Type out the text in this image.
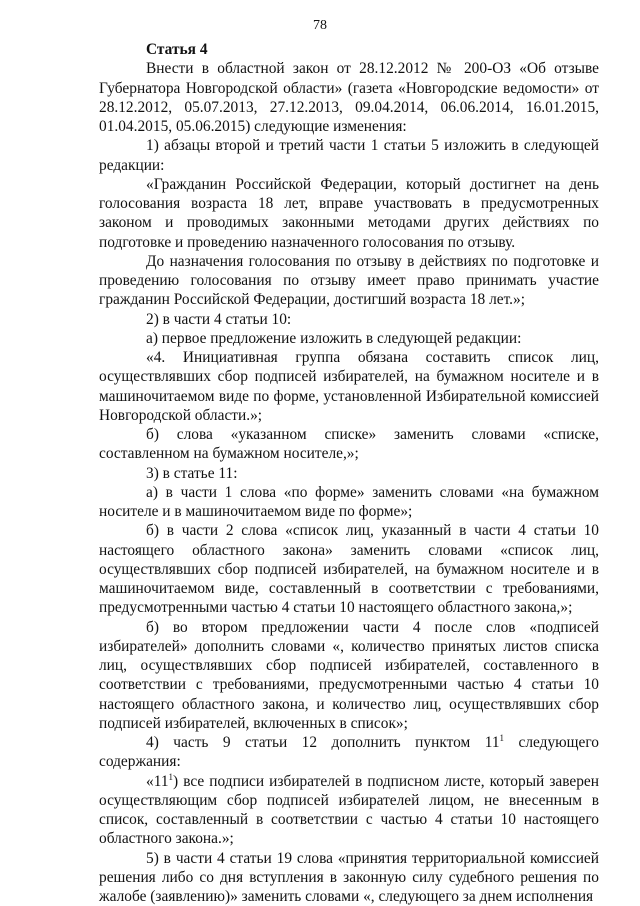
78

Статья 4

Внести в областной закон от 28.12.2012 № 200-ОЗ «Об отзыве Губернатора Новгородской области» (газета «Новгородские ведомости» от 28.12.2012, 05.07.2013, 27.12.2013, 09.04.2014, 06.06.2014, 16.01.2015, 01.04.2015, 05.06.2015) следующие изменения:

1) абзацы второй и третий части 1 статьи 5 изложить в следующей редакции:

«Гражданин Российской Федерации, который достигнет на день голосования возраста 18 лет, вправе участвовать в предусмотренных законом и проводимых законными методами других действиях по подготовке и проведению назначенного голосования по отзыву.

До назначения голосования по отзыву в действиях по подготовке и проведению голосования по отзыву имеет право принимать участие гражданин Российской Федерации, достигший возраста 18 лет.»;

2) в части 4 статьи 10:

а) первое предложение изложить в следующей редакции:

«4. Инициативная группа обязана составить список лиц, осуществлявших сбор подписей избирателей, на бумажном носителе и в машиночитаемом виде по форме, установленной Избирательной комиссией Новгородской области.»;

б) слова «указанном списке» заменить словами «списке, составленном на бумажном носителе,»;

3) в статье 11:

а) в части 1 слова «по форме» заменить словами «на бумажном носителе и в машиночитаемом виде по форме»;

б) в части 2 слова «список лиц, указанный в части 4 статьи 10 настоящего областного закона» заменить словами «список лиц, осуществлявших сбор подписей избирателей, на бумажном носителе и в машиночитаемом виде, составленный в соответствии с требованиями, предусмотренными частью 4 статьи 10 настоящего областного закона,»;

б) во втором предложении части 4 после слов «подписей избирателей» дополнить словами «, количество принятых листов списка лиц, осуществлявших сбор подписей избирателей, составленного в соответствии с требованиями, предусмотренными частью 4 статьи 10 настоящего областного закона, и количество лиц, осуществлявших сбор подписей избирателей, включенных в список»;

4) часть 9 статьи 12 дополнить пунктом $11^1$ следующего содержания:

«$11^1$) все подписи избирателей в подписном листе, который заверен осуществляющим сбор подписей избирателей лицом, не внесенным в список, составленный в соответствии с частью 4 статьи 10 настоящего областного закона.»;

5) в части 4 статьи 19 слова «принятия территориальной комиссией решения либо со дня вступления в законную силу судебного решения по жалобе (заявлению)» заменить словами «, следующего за днем исполнения
